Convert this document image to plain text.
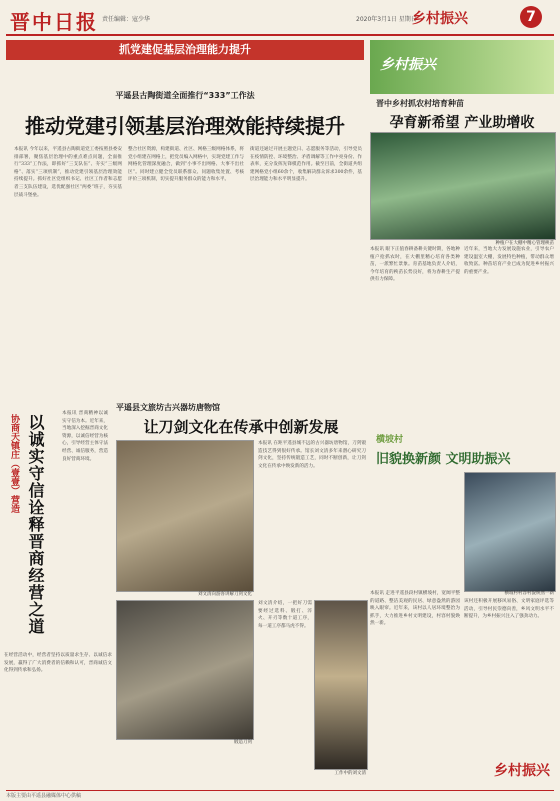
晋中日报 责任编辑：寇少华	2020年3月1日 星期日
乡村振兴	7
抓党建促基层治理能力提升
平遥县古陶街道全面推行“333”工作法
推动党建引领基层治理效能持续提升
本报讯 今年以来，平遥县古陶街道党工委按照县委安排部署，聚焦基层治理中的重点难点问题，全面推行“333”工作法，即抓好“三支队伍”、夯实“三级网格”、落实“三项机制”，推动党建引领基层治理效能持续提升。抓好社区党组织书记、社区工作者和志愿者三支队伍建设，选优配强社区“两委”班子，夯实基层战斗堡垒。
整合社区资源，构建街道、社区、网格三级网格体系，将党小组建在网格上，把党员编入网格中，实现党建工作与网格化管理深度融合，做到“小事不出网格、大事不出社区”。同时建立健全党员联系群众、问题收集处置、考核评价三项机制，切实提升服务群众的能力和水平。
街道还通过开展主题党日、志愿服务等活动，引导党员在疫情防控、环境整治、矛盾调解等工作中亮身份、作表率，充分发挥先锋模范作用。截至目前，全街道共组建网格党小组60余个，收集解决群众诉求300余件，基层治理能力和水平明显提升。
协商天镇庄（壹壹）营造 以诚实守信诠释晋商经营之道
本报讯 晋商精神以诚实守信为本。近年来，当地深入挖掘晋商文化资源，以诚信经营为核心，引导经营主体守法经营、诚信服务，营造良好营商环境。
在经营活动中，经营者坚持以质量求生存、以诚信求发展，赢得了广大消费者的信赖和认可，晋商诚信文化得到传承和弘扬。
平遥县文旅坊古兴器坊唐物馆
让刀剑文化在传承中创新发展
刘文清向游客讲解刀剑文化
锻造刀剑
本报讯 在距平遥县城不远的古兴器坊唐物馆，刀剑锻造技艺得到很好传承。馆长刘文清多年来潜心研究刀剑文化，坚持传统锻造工艺，同时不断创新，让刀剑文化在传承中焕发新的活力。
刘文清介绍，一把好刀需要经过选料、锻打、淬火、开刃等数十道工序，每一道工序都马虎不得。
工作中的刘文清
乡村振兴
晋中乡村抓农村培育种苗
孕育新希望 产业助增收
种植户在大棚中精心管理秧苗
本报讯 眼下正值春耕备耕关键时期，各地种植户抢抓农时，在大棚里精心培育各类种苗，一派繁忙景象。育苗基地负责人介绍，今年培育的秧苗长势良好，将为春耕生产提供有力保障。
近年来，当地大力发展设施农业，引导农户建设温室大棚，发展特色种植，带动群众增收致富。种苗培育产业已成为促进乡村振兴的重要产业。
横坡村
旧貌换新颜 文明助振兴
横坡村村容村貌焕然一新
本报讯 走进平遥县段村镇横坡村，宽阔平整的道路、整洁美观的民居、绿意盎然的游园映入眼帘。近年来，该村以人居环境整治为抓手，大力推进乡村文明建设，村容村貌焕然一新。
该村还积极开展移风易俗、文明家庭评选等活动，引导村民崇德向善，乡风文明水平不断提升，为乡村振兴注入了强劲动力。
乡村振兴
本版主要由平遥县融媒体中心供稿
